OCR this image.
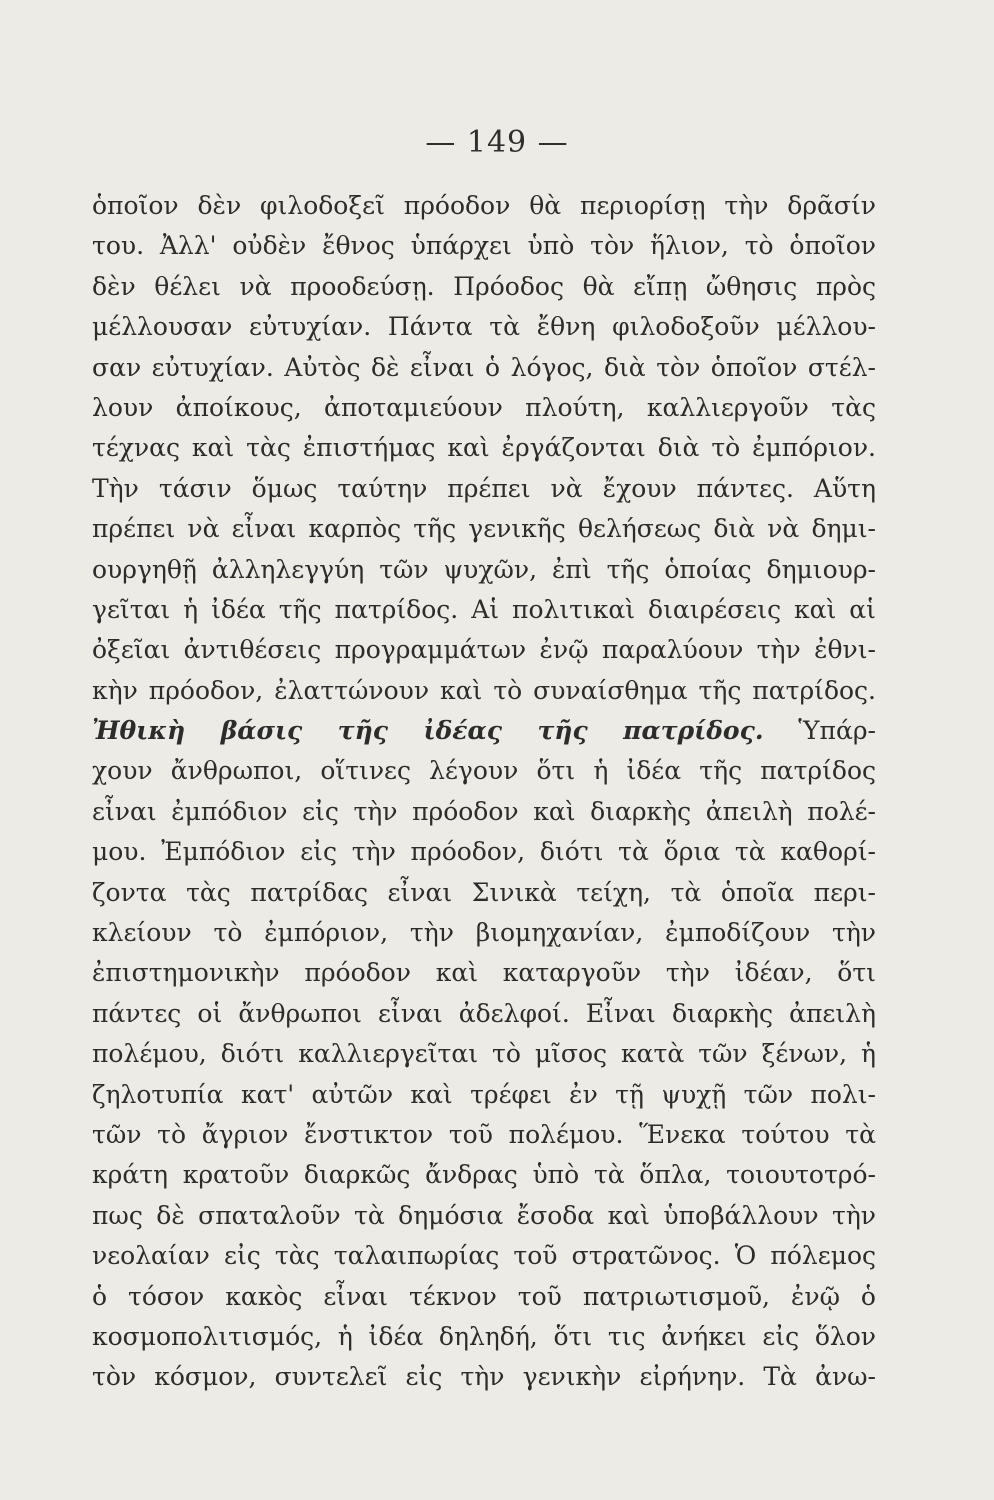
— 149 —
ὁποῖον δὲν φιλοδοξεῖ πρόοδον θὰ περιορίσῃ τὴν δρᾶσίν
του. Ἀλλ' οὐδὲν ἔθνος ὑπάρχει ὑπὸ τὸν ἥλιον, τὸ ὁποῖον
δὲν θέλει νὰ προοδεύσῃ. Πρόοδος θὰ εἴπῃ ὤθησις πρὸς
μέλλουσαν εὐτυχίαν. Πάντα τὰ ἔθνη φιλοδοξοῦν μέλλου-
σαν εὐτυχίαν. Αὐτὸς δὲ εἶναι ὁ λόγος, διὰ τὸν ὁποῖον στέλ-
λουν ἀποίκους, ἀποταμιεύουν πλούτη, καλλιεργοῦν τὰς
τέχνας καὶ τὰς ἐπιστήμας καὶ ἐργάζονται διὰ τὸ ἐμπόριον.
Τὴν τάσιν ὅμως ταύτην πρέπει νὰ ἔχουν πάντες. Αὕτη
πρέπει νὰ εἶναι καρπὸς τῆς γενικῆς θελήσεως διὰ νὰ δημι-
ουργηθῇ ἀλληλεγγύη τῶν ψυχῶν, ἐπὶ τῆς ὁποίας δημιουρ-
γεῖται ἡ ἰδέα τῆς πατρίδος. Αἱ πολιτικαὶ διαιρέσεις καὶ αἱ
ὀξεῖαι ἀντιθέσεις προγραμμάτων ἐνῷ παραλύουν τὴν ἐθνι-
κὴν πρόοδον, ἐλαττώνουν καὶ τὸ συναίσθημα τῆς πατρίδος.
Ἠθικὴ βάσις τῆς ἰδέας τῆς πατρίδος. Ὑπάρ-
χουν ἄνθρωποι, οἵτινες λέγουν ὅτι ἡ ἰδέα τῆς πατρίδος
εἶναι ἐμπόδιον εἰς τὴν πρόοδον καὶ διαρκὴς ἀπειλὴ πολέ-
μου. Ἐμπόδιον εἰς τὴν πρόοδον, διότι τὰ ὅρια τὰ καθορί-
ζοντα τὰς πατρίδας εἶναι Σινικὰ τείχη, τὰ ὁποῖα περι-
κλείουν τὸ ἐμπόριον, τὴν βιομηχανίαν, ἐμποδίζουν τὴν
ἐπιστημονικὴν πρόοδον καὶ καταργοῦν τὴν ἰδέαν, ὅτι
πάντες οἱ ἄνθρωποι εἶναι ἀδελφοί. Εἶναι διαρκὴς ἀπειλὴ
πολέμου, διότι καλλιεργεῖται τὸ μῖσος κατὰ τῶν ξένων, ἡ
ζηλοτυπία κατ' αὐτῶν καὶ τρέφει ἐν τῇ ψυχῇ τῶν πολι-
τῶν τὸ ἄγριον ἔνστικτον τοῦ πολέμου. Ἕνεκα τούτου τὰ
κράτη κρατοῦν διαρκῶς ἄνδρας ὑπὸ τὰ ὅπλα, τοιουτοτρό-
πως δὲ σπαταλοῦν τὰ δημόσια ἔσοδα καὶ ὑποβάλλουν τὴν
νεολαίαν εἰς τὰς ταλαιπωρίας τοῦ στρατῶνος. Ὁ πόλεμος
ὁ τόσον κακὸς εἶναι τέκνον τοῦ πατριωτισμοῦ, ἐνῷ ὁ
κοσμοπολιτισμός, ἡ ἰδέα δηληδή, ὅτι τις ἀνήκει εἰς ὅλον
τὸν κόσμον, συντελεῖ εἰς τὴν γενικὴν εἰρήνην. Τὰ ἀνω-
